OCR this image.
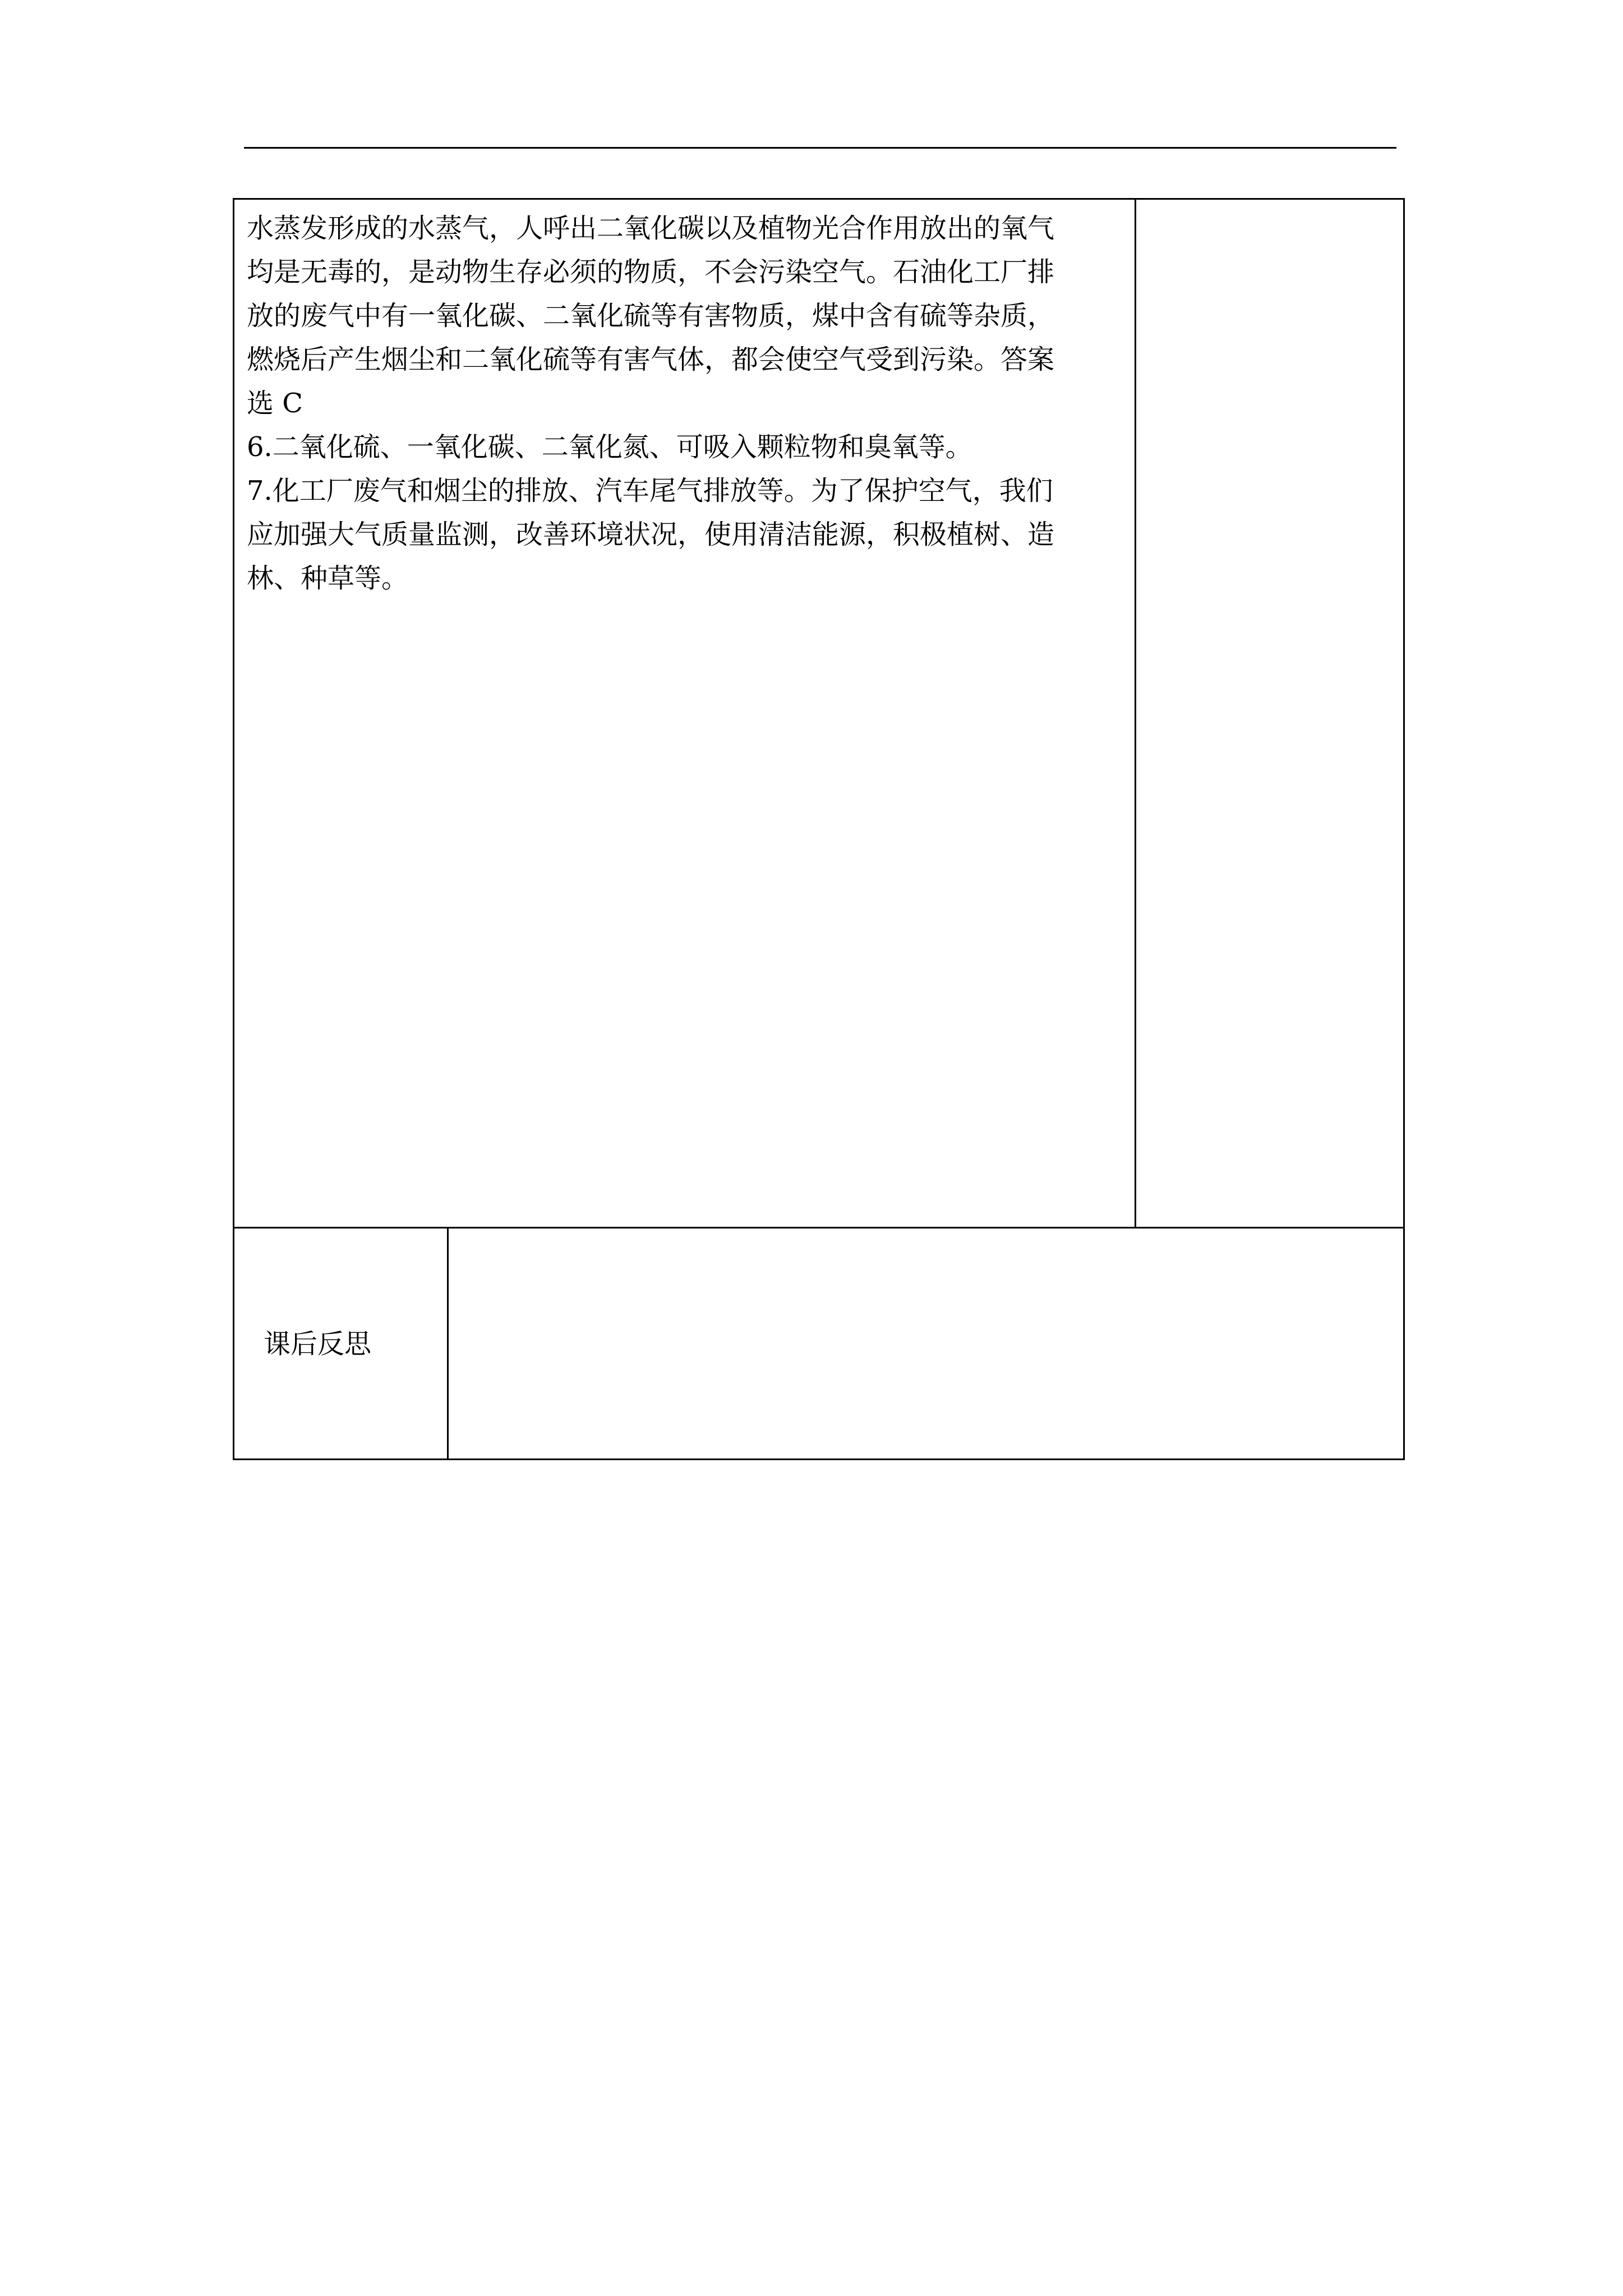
水蒸发形成的水蒸气，人呼出二氧化碳以及植物光合作用放出的氧气

均是无毒的，是动物生存必须的物质，不会污染空气。石油化工厂排

放的废气中有一氧化碳、二氧化硫等有害物质，煤中含有硫等杂质，

燃烧后产生烟尘和二氧化硫等有害气体，都会使空气受到污染。答案

选 C

6.二氧化硫、一氧化碳、二氧化氮、可吸入颗粒物和臭氧等。

7.化工厂废气和烟尘的排放、汽车尾气排放等。为了保护空气，我们

应加强大气质量监测，改善环境状况，使用清洁能源，积极植树、造

林、种草等。

课后反思
